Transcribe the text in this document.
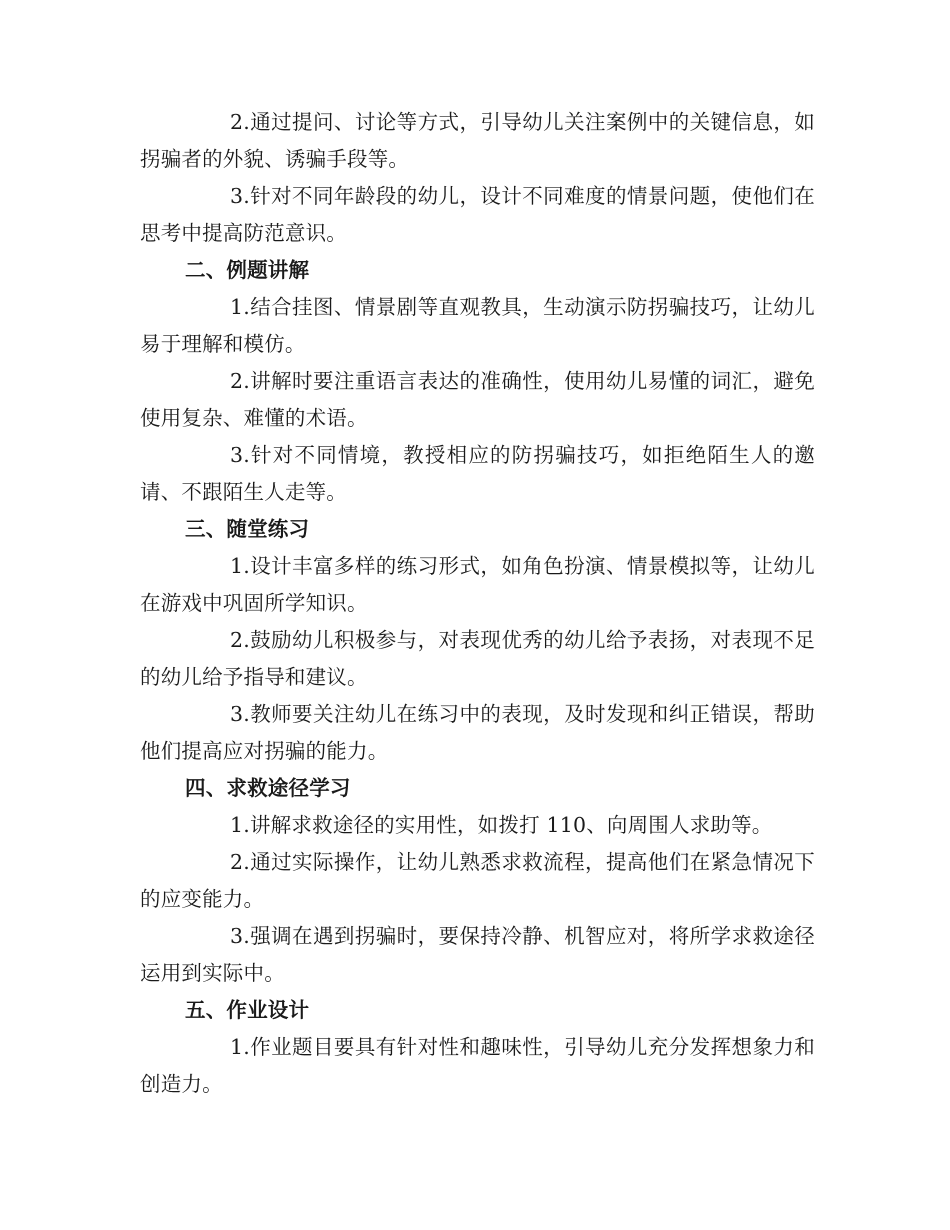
2.通过提问、讨论等方式，引导幼儿关注案例中的关键信息，如拐骗者的外貌、诱骗手段等。

3.针对不同年龄段的幼儿，设计不同难度的情景问题，使他们在思考中提高防范意识。

二、例题讲解

1.结合挂图、情景剧等直观教具，生动演示防拐骗技巧，让幼儿易于理解和模仿。

2.讲解时要注重语言表达的准确性，使用幼儿易懂的词汇，避免使用复杂、难懂的术语。

3.针对不同情境，教授相应的防拐骗技巧，如拒绝陌生人的邀请、不跟陌生人走等。

三、随堂练习

1.设计丰富多样的练习形式，如角色扮演、情景模拟等，让幼儿在游戏中巩固所学知识。

2.鼓励幼儿积极参与，对表现优秀的幼儿给予表扬，对表现不足的幼儿给予指导和建议。

3.教师要关注幼儿在练习中的表现，及时发现和纠正错误，帮助他们提高应对拐骗的能力。

四、求救途径学习

1.讲解求救途径的实用性，如拨打 110、向周围人求助等。

2.通过实际操作，让幼儿熟悉求救流程，提高他们在紧急情况下的应变能力。

3.强调在遇到拐骗时，要保持冷静、机智应对，将所学求救途径运用到实际中。

五、作业设计

1.作业题目要具有针对性和趣味性，引导幼儿充分发挥想象力和创造力。
